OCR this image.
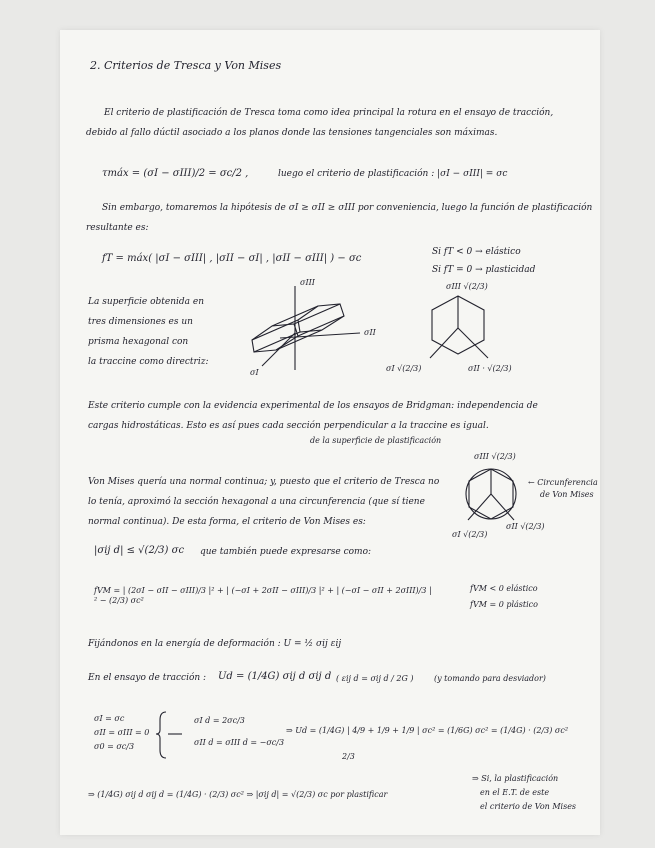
2. Criterios de Tresca y Von Mises

El criterio de plastificación de Tresca toma como idea principal la rotura en el ensayo de tracción,

debido al fallo dúctil asociado a los planos donde las tensiones tangenciales son máximas.

τmáx = (σI − σIII)/2 = σc/2 ,	luego el criterio de plastificación : |σI − σIII| = σc

Sin embargo, tomaremos la hipótesis de σI ≥ σII ≥ σIII por conveniencia, luego la función de plastificación

resultante es:

fT = máx( |σI − σIII| , |σII − σI| , |σII − σIII| ) − σc

Si fT < 0 → elástico

Si fT = 0 → plasticidad

La superficie obtenida en

tres dimensiones es un

prisma hexagonal con

la traccine como directriz:

σIII

σII

σI

σIII √(2/3)

σI √(2/3)	σII · √(2/3)

Este criterio cumple con la evidencia experimental de los ensayos de Bridgman: independencia de

cargas hidrostáticas. Esto es así pues cada sección perpendicular a la traccine es igual.

de la superficie de plastificación

Von Mises quería una normal continua; y, puesto que el criterio de Tresca no

lo tenía, aproximó la sección hexagonal a una circunferencia (que sí tiene

normal continua). De esta forma, el criterio de Von Mises es:

σIII √(2/3)

σI √(2/3)

σII √(2/3)

← Circunferencia

de Von Mises

|σij d| ≤ √(2/3) σc que también puede expresarse como:

fVM = | (2σI − σII − σIII)/3 |² + | (−σI + 2σII − σIII)/3 |² + | (−σI − σII + 2σIII)/3 |² − (2/3) σc²

fVM < 0 elástico

fVM = 0 plástico

Fijándonos en la energía de deformación : U = ½ σij εij

En el ensayo de tracción : Ud = (1/4G) σij d σij d ( εij d = σij d / 2G )	(y tomando para desviador)

σI = σc

σII = σIII = 0

σ0 = σc/3

σI d = 2σc/3

σII d = σIII d = −σc/3

⇒ Ud = (1/4G) | 4/9 + 1/9 + 1/9 | σc² = (1/6G) σc² = (1/4G) · (2/3) σc²

2/3

⇒ (1/4G) σij d σij d = (1/4G) · (2/3) σc² ⇒ |σij d| = √(2/3) σc por plastificar

⇒ Si, la plastificación

en el E.T. de este

el criterio de Von Mises
